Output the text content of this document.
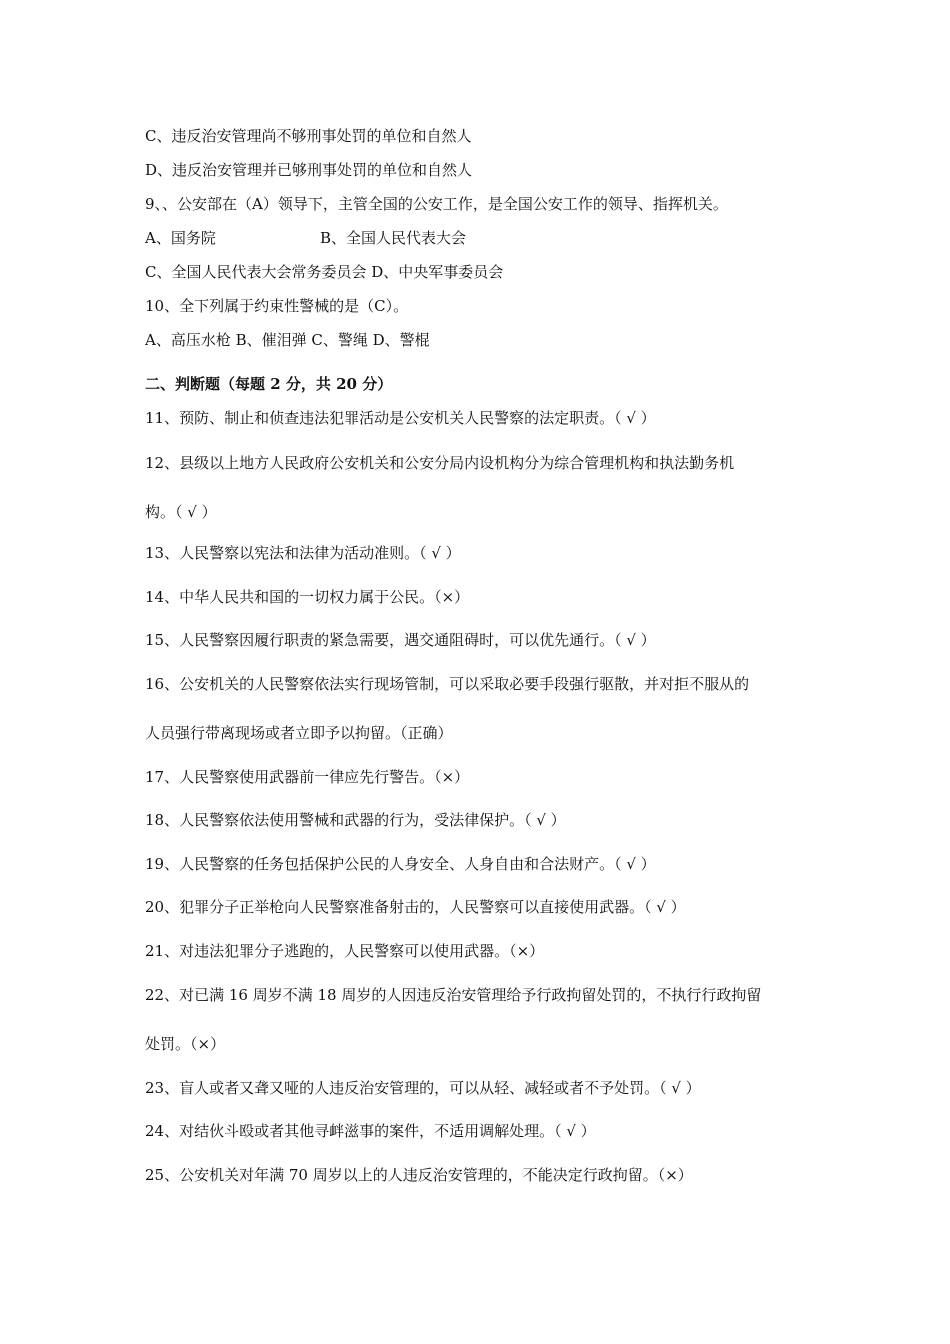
C、违反治安管理尚不够刑事处罚的单位和自然人
D、违反治安管理并已够刑事处罚的单位和自然人
9、、公安部在（A）领导下，主管全国的公安工作，是全国公安工作的领导、指挥机关。
A、国务院	B、全国人民代表大会
C、全国人民代表大会常务委员会 D、中央军事委员会
10、全下列属于约束性警械的是（C）。
A、高压水枪 B、催泪弹 C、警绳 D、警棍
二、判断题（每题 2 分，共 20 分）
11、预防、制止和侦查违法犯罪活动是公安机关人民警察的法定职责。（ √ ）
12、县级以上地方人民政府公安机关和公安分局内设机构分为综合管理机构和执法勤务机
构。（ √ ）
13、人民警察以宪法和法律为活动准则。（ √ ）
14、中华人民共和国的一切权力属于公民。（×）
15、人民警察因履行职责的紧急需要，遇交通阻碍时，可以优先通行。（ √ ）
16、公安机关的人民警察依法实行现场管制，可以采取必要手段强行驱散，并对拒不服从的
人员强行带离现场或者立即予以拘留。（正确）
17、人民警察使用武器前一律应先行警告。（×）
18、人民警察依法使用警械和武器的行为，受法律保护。（ √ ）
19、人民警察的任务包括保护公民的人身安全、人身自由和合法财产。（ √ ）
20、犯罪分子正举枪向人民警察准备射击的，人民警察可以直接使用武器。（ √ ）
21、对违法犯罪分子逃跑的，人民警察可以使用武器。（×）
22、对已满 16 周岁不满 18 周岁的人因违反治安管理给予行政拘留处罚的，不执行行政拘留
处罚。（×）
23、盲人或者又聋又哑的人违反治安管理的，可以从轻、减轻或者不予处罚。（ √ ）
24、对结伙斗殴或者其他寻衅滋事的案件，不适用调解处理。（ √ ）
25、公安机关对年满 70 周岁以上的人违反治安管理的，不能决定行政拘留。（×）
